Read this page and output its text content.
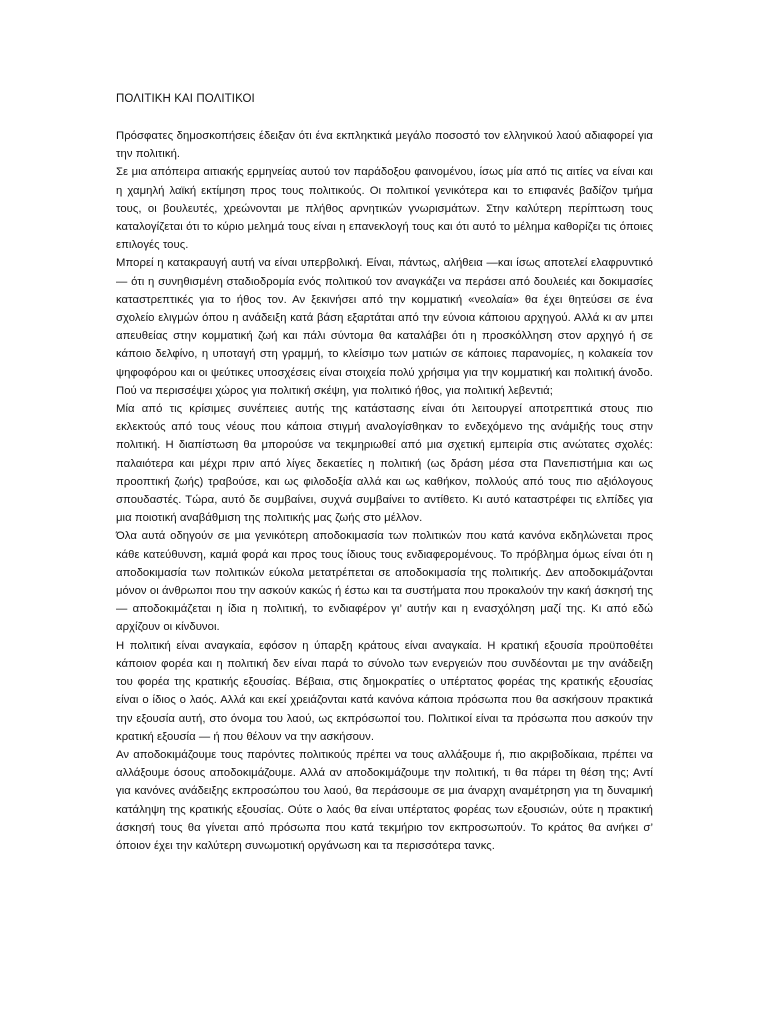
ΠΟΛΙΤΙΚΗ ΚΑΙ ΠΟΛΙΤΙΚΟΙ

Πρόσφατες δημοσκοπήσεις έδειξαν ότι ένα εκπληκτικά μεγάλο ποσοστό τον ελληνικού λαού αδιαφορεί για την πολιτική.

Σε μια απόπειρα αιτιακής ερμηνείας αυτού τον παράδοξου φαινομένου, ίσως μία από τις αιτίες να είναι και η χαμηλή λαϊκή εκτίμηση προς τους πολιτικούς. Οι πολιτικοί γενικότερα και το επιφανές βαδίζον τμήμα τους, οι βουλευτές, χρεώνονται με πλήθος αρνητικών γνωρισμάτων. Στην καλύτερη περίπτωση τους καταλογίζεται ότι το κύριο μελημά τους είναι η επανεκλογή τους και ότι αυτό το μέλημα καθορίζει τις όποιες επιλογές τους.

Μπορεί η κατακραυγή αυτή να είναι υπερβολική. Είναι, πάντως, αλήθεια —και ίσως αποτελεί ελαφρυντικό— ότι η συνηθισμένη σταδιοδρομία ενός πολιτικού τον αναγκάζει να περάσει από δουλειές και δοκιμασίες καταστρεπτικές για το ήθος τον. Αν ξεκινήσει από την κομματική «νεολαία» θα έχει θητεύσει σε ένα σχολείο ελιγμών όπου η ανάδειξη κατά βάση εξαρτάται από την εύνοια κάποιου αρχηγού. Αλλά κι αν μπει απευθείας στην κομματική ζωή και πάλι σύντομα θα καταλάβει ότι η προσκόλληση στον αρχηγό ή σε κάποιο δελφίνο, η υποταγή στη γραμμή, το κλείσιμο των ματιών σε κάποιες παρανομίες, η κολακεία τον ψηφοφόρου και οι ψεύτικες υποσχέσεις είναι στοιχεία πολύ χρήσιμα για την κομματική και πολιτική άνοδο. Πού να περισσέψει χώρος για πολιτική σκέψη, για πολιτικό ήθος, για πολιτική λεβεντιά;

Μία από τις κρίσιμες συνέπειες αυτής της κατάστασης είναι ότι λειτουργεί αποτρεπτικά στους πιο εκλεκτούς από τους νέους που κάποια στιγμή αναλογίσθηκαν το ενδεχόμενο της ανάμιξής τους στην πολιτική. Η διαπίστωση θα μπορούσε να τεκμηριωθεί από μια σχετική εμπειρία στις ανώτατες σχολές: παλαιότερα και μέχρι πριν από λίγες δεκαετίες η πολιτική (ως δράση μέσα στα Πανεπιστήμια και ως προοπτική ζωής) τραβούσε, και ως φιλοδοξία αλλά και ως καθήκον, πολλούς από τους πιο αξιόλογους σπουδαστές. Τώρα, αυτό δε συμβαίνει, συχνά συμβαίνει το αντίθετο. Κι αυτό καταστρέφει τις ελπίδες για μια ποιοτική αναβάθμιση της πολιτικής μας ζωής στο μέλλον.

Όλα αυτά οδηγούν σε μια γενικότερη αποδοκιμασία των πολιτικών που κατά κανόνα εκδηλώνεται προς κάθε κατεύθυνση, καμιά φορά και προς τους ίδιους τους ενδιαφερομένους. Το πρόβλημα όμως είναι ότι η αποδοκιμασία των πολιτικών εύκολα μετατρέπεται σε αποδοκιμασία της πολιτικής. Δεν αποδοκιμάζονται μόνον οι άνθρωποι που την ασκούν κακώς ή έστω και τα συστήματα που προκαλούν την κακή άσκησή της — αποδοκιμάζεται η ίδια η πολιτική, το ενδιαφέρον γι’ αυτήν και η ενασχόληση μαζί της. Κι από εδώ αρχίζουν οι κίνδυνοι.

Η πολιτική είναι αναγκαία, εφόσον η ύπαρξη κράτους είναι αναγκαία. Η κρατική εξουσία προϋποθέτει κάποιον φορέα και η πολιτική δεν είναι παρά το σύνολο των ενεργειών που συνδέονται με την ανάδειξη του φορέα της κρατικής εξουσίας. Βέβαια, στις δημοκρατίες ο υπέρτατος φορέας της κρατικής εξουσίας είναι ο ίδιος ο λαός. Αλλά και εκεί χρειάζονται κατά κανόνα κάποια πρόσωπα που θα ασκήσουν πρακτικά την εξουσία αυτή, στο όνομα του λαού, ως εκπρόσωποί του. Πολιτικοί είναι τα πρόσωπα που ασκούν την κρατική εξουσία — ή που θέλουν να την ασκήσουν.

Αν αποδοκιμάζουμε τους παρόντες πολιτικούς πρέπει να τους αλλάξουμε ή, πιο ακριβοδίκαια, πρέπει να αλλάξουμε όσους αποδοκιμάζουμε. Αλλά αν αποδοκιμάζουμε την πολιτική, τι θα πάρει τη θέση της; Αντί για κανόνες ανάδειξης εκπροσώπου του λαού, θα περάσουμε σε μια άναρχη αναμέτρηση για τη δυναμική κατάληψη της κρατικής εξουσίας. Ούτε ο λαός θα είναι υπέρτατος φορέας των εξουσιών, ούτε η πρακτική άσκησή τους θα γίνεται από πρόσωπα που κατά τεκμήριο τον εκπροσωπούν. Το κράτος θα ανήκει σ’ όποιον έχει την καλύτερη συνωμοτική οργάνωση και τα περισσότερα τανκς.
